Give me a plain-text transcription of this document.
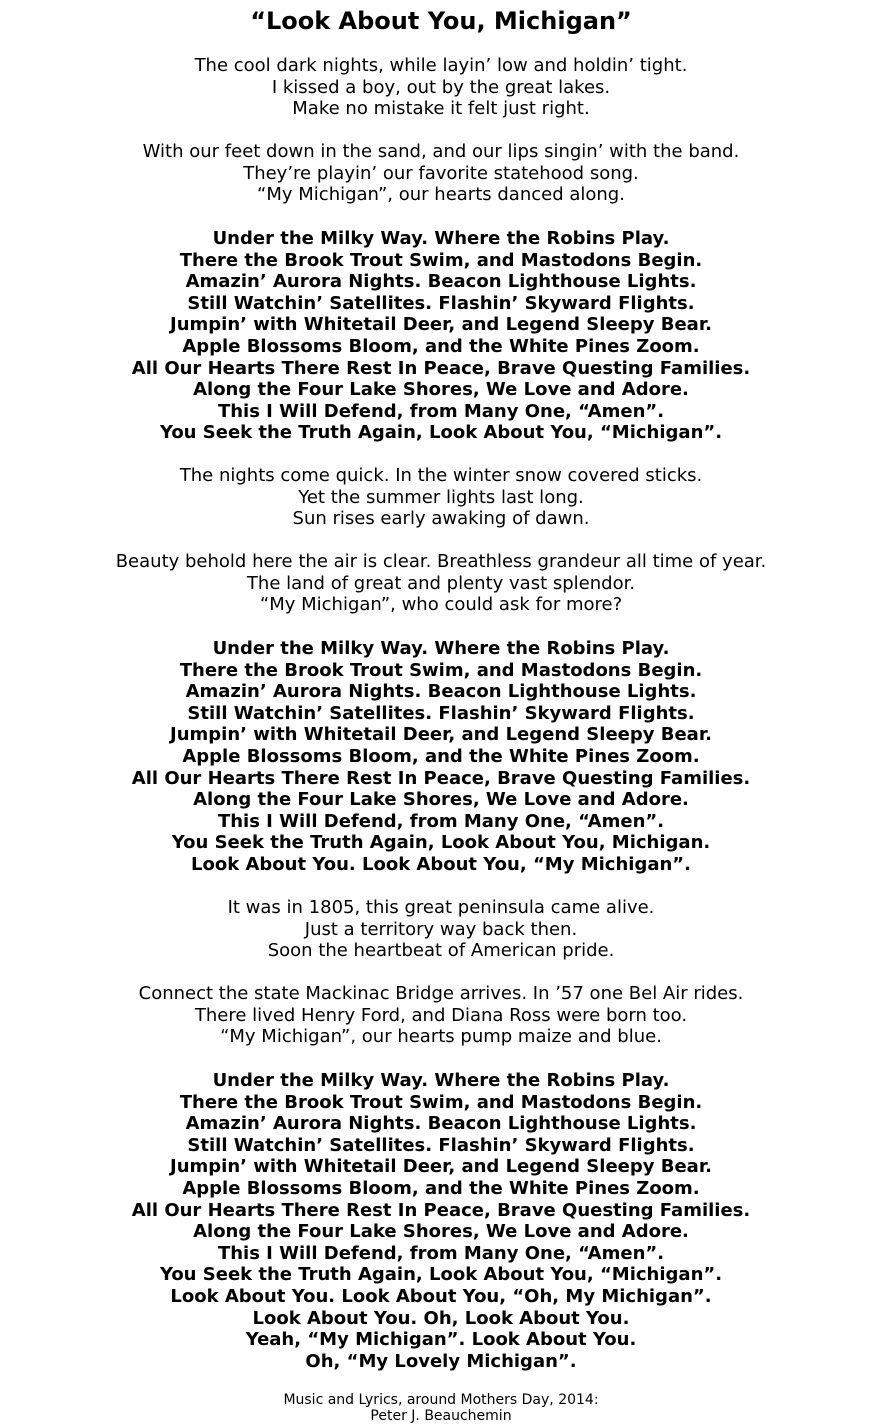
“Look About You, Michigan”
The cool dark nights, while layin’ low and holdin’ tight.
I kissed a boy, out by the great lakes.
Make no mistake it felt just right.
With our feet down in the sand, and our lips singin’ with the band.
They’re playin’ our favorite statehood song.
“My Michigan”, our hearts danced along.
Under the Milky Way. Where the Robins Play.
There the Brook Trout Swim, and Mastodons Begin.
Amazin’ Aurora Nights. Beacon Lighthouse Lights.
Still Watchin’ Satellites. Flashin’ Skyward Flights.
Jumpin’ with Whitetail Deer, and Legend Sleepy Bear.
Apple Blossoms Bloom, and the White Pines Zoom.
All Our Hearts There Rest In Peace, Brave Questing Families.
Along the Four Lake Shores, We Love and Adore.
This I Will Defend, from Many One, “Amen”.
You Seek the Truth Again, Look About You, “Michigan”.
The nights come quick. In the winter snow covered sticks.
Yet the summer lights last long.
Sun rises early awaking of dawn.
Beauty behold here the air is clear. Breathless grandeur all time of year.
The land of great and plenty vast splendor.
“My Michigan”, who could ask for more?
Under the Milky Way. Where the Robins Play.
There the Brook Trout Swim, and Mastodons Begin.
Amazin’ Aurora Nights. Beacon Lighthouse Lights.
Still Watchin’ Satellites. Flashin’ Skyward Flights.
Jumpin’ with Whitetail Deer, and Legend Sleepy Bear.
Apple Blossoms Bloom, and the White Pines Zoom.
All Our Hearts There Rest In Peace, Brave Questing Families.
Along the Four Lake Shores, We Love and Adore.
This I Will Defend, from Many One, “Amen”.
You Seek the Truth Again, Look About You, Michigan.
Look About You. Look About You, “My Michigan”.
It was in 1805, this great peninsula came alive.
Just a territory way back then.
Soon the heartbeat of American pride.
Connect the state Mackinac Bridge arrives. In ’57 one Bel Air rides.
There lived Henry Ford, and Diana Ross were born too.
“My Michigan”, our hearts pump maize and blue.
Under the Milky Way. Where the Robins Play.
There the Brook Trout Swim, and Mastodons Begin.
Amazin’ Aurora Nights. Beacon Lighthouse Lights.
Still Watchin’ Satellites. Flashin’ Skyward Flights.
Jumpin’ with Whitetail Deer, and Legend Sleepy Bear.
Apple Blossoms Bloom, and the White Pines Zoom.
All Our Hearts There Rest In Peace, Brave Questing Families.
Along the Four Lake Shores, We Love and Adore.
This I Will Defend, from Many One, “Amen”.
You Seek the Truth Again, Look About You, “Michigan”.
Look About You. Look About You, “Oh, My Michigan”.
Look About You. Oh, Look About You.
Yeah, “My Michigan”. Look About You.
Oh, “My Lovely Michigan”.
Music and Lyrics, around Mothers Day, 2014:
Peter J. Beauchemin
